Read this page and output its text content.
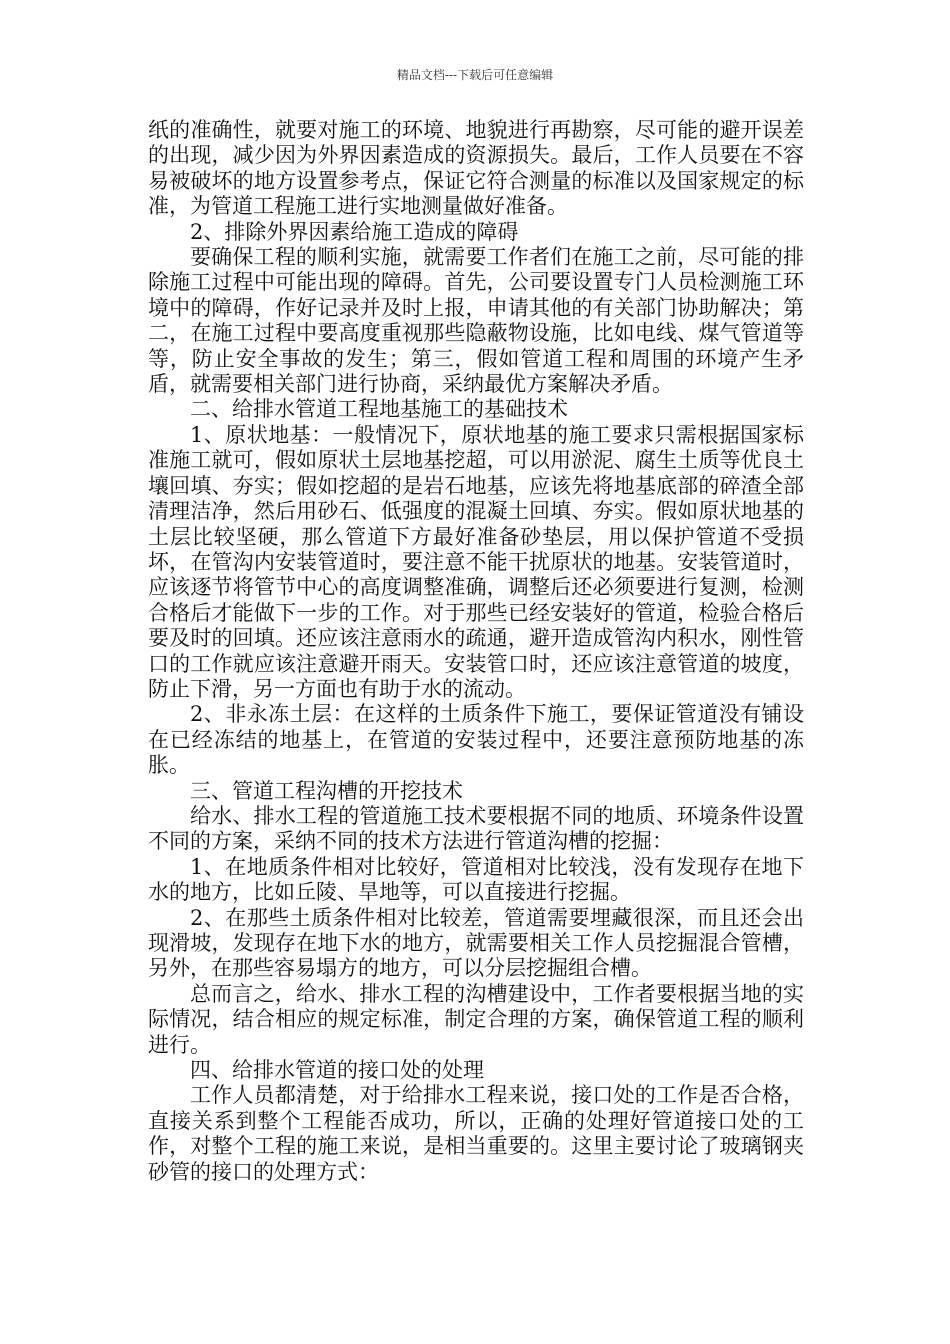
精品文档---下载后可任意编辑

纸的准确性，就要对施工的环境、地貌进行再勘察，尽可能的避开误差的出现，减少因为外界因素造成的资源损失。最后，工作人员要在不容易被破坏的地方设置参考点，保证它符合测量的标准以及国家规定的标准，为管道工程施工进行实地测量做好准备。

2、排除外界因素给施工造成的障碍

要确保工程的顺利实施，就需要工作者们在施工之前，尽可能的排除施工过程中可能出现的障碍。首先，公司要设置专门人员检测施工环境中的障碍，作好记录并及时上报，申请其他的有关部门协助解决；第二，在施工过程中要高度重视那些隐蔽物设施，比如电线、煤气管道等等，防止安全事故的发生；第三，假如管道工程和周围的环境产生矛盾，就需要相关部门进行协商，采纳最优方案解决矛盾。

二、给排水管道工程地基施工的基础技术

1、原状地基：一般情况下，原状地基的施工要求只需根据国家标准施工就可，假如原状土层地基挖超，可以用淤泥、腐生土质等优良土壤回填、夯实；假如挖超的是岩石地基，应该先将地基底部的碎渣全部清理洁净，然后用砂石、低强度的混凝土回填、夯实。假如原状地基的土层比较坚硬，那么管道下方最好准备砂垫层，用以保护管道不受损坏，在管沟内安装管道时，要注意不能干扰原状的地基。安装管道时，应该逐节将管节中心的高度调整准确，调整后还必须要进行复测，检测合格后才能做下一步的工作。对于那些已经安装好的管道，检验合格后要及时的回填。还应该注意雨水的疏通，避开造成管沟内积水，刚性管口的工作就应该注意避开雨天。安装管口时，还应该注意管道的坡度，防止下滑，另一方面也有助于水的流动。

2、非永冻土层：在这样的土质条件下施工，要保证管道没有铺设在已经冻结的地基上，在管道的安装过程中，还要注意预防地基的冻胀。

三、管道工程沟槽的开挖技术

给水、排水工程的管道施工技术要根据不同的地质、环境条件设置不同的方案，采纳不同的技术方法进行管道沟槽的挖掘：

1、在地质条件相对比较好，管道相对比较浅，没有发现存在地下水的地方，比如丘陵、旱地等，可以直接进行挖掘。

2、在那些土质条件相对比较差，管道需要埋藏很深，而且还会出现滑坡，发现存在地下水的地方，就需要相关工作人员挖掘混合管槽，另外，在那些容易塌方的地方，可以分层挖掘组合槽。

总而言之，给水、排水工程的沟槽建设中，工作者要根据当地的实际情况，结合相应的规定标准，制定合理的方案，确保管道工程的顺利进行。

四、给排水管道的接口处的处理

工作人员都清楚，对于给排水工程来说，接口处的工作是否合格，直接关系到整个工程能否成功，所以，正确的处理好管道接口处的工作，对整个工程的施工来说，是相当重要的。这里主要讨论了玻璃钢夹砂管的接口的处理方式：
